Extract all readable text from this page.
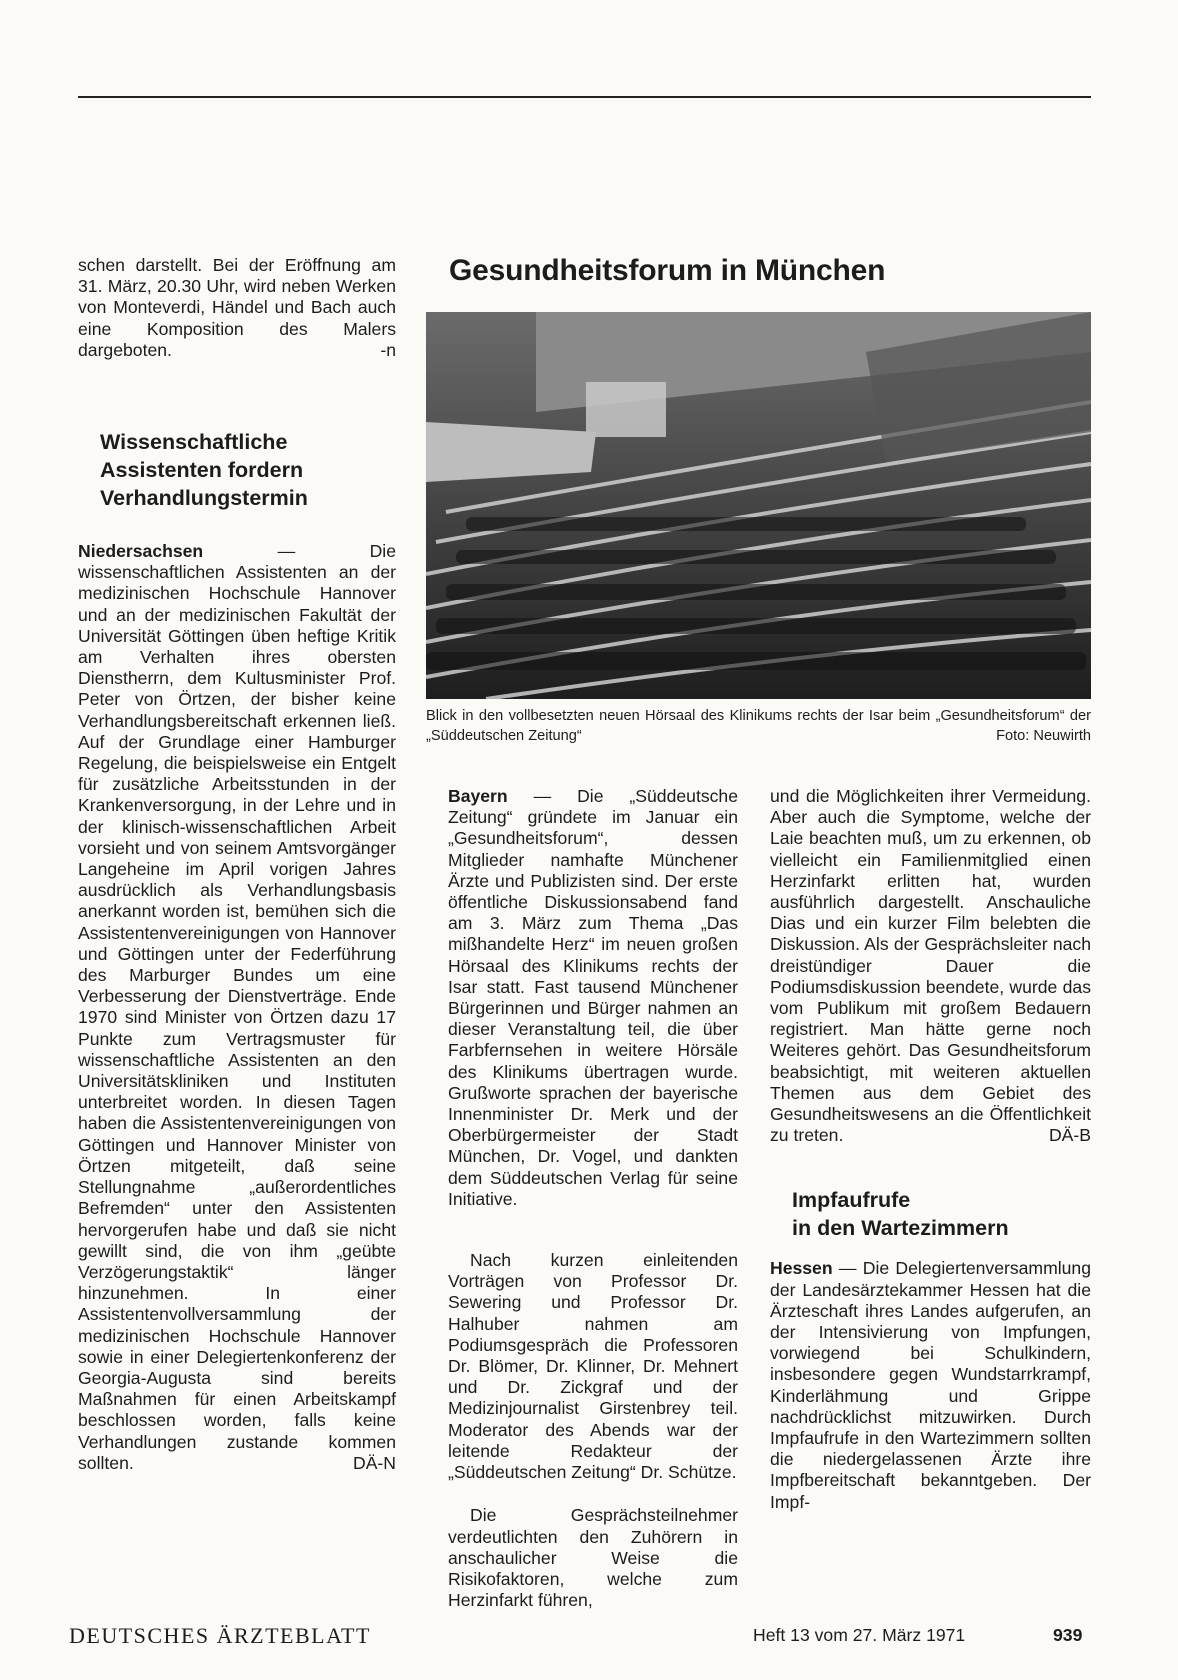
schen darstellt. Bei der Eröffnung am 31. März, 20.30 Uhr, wird neben Werken von Monteverdi, Händel und Bach auch eine Komposition des Malers dargeboten.	-n

Wissenschaftliche
Assistenten fordern
Verhandlungstermin

Niedersachsen — Die wissenschaftlichen Assistenten an der medizinischen Hochschule Hannover und an der medizinischen Fakultät der Universität Göttingen üben heftige Kritik am Verhalten ihres obersten Dienstherrn, dem Kultusminister Prof. Peter von Örtzen, der bisher keine Verhandlungsbereitschaft erkennen ließ. Auf der Grundlage einer Hamburger Regelung, die beispielsweise ein Entgelt für zusätzliche Arbeitsstunden in der Krankenversorgung, in der Lehre und in der klinisch-wissenschaftlichen Arbeit vorsieht und von seinem Amtsvorgänger Langeheine im April vorigen Jahres ausdrücklich als Verhandlungsbasis anerkannt worden ist, bemühen sich die Assistentenvereinigungen von Hannover und Göttingen unter der Federführung des Marburger Bundes um eine Verbesserung der Dienstverträge. Ende 1970 sind Minister von Örtzen dazu 17 Punkte zum Vertragsmuster für wissenschaftliche Assistenten an den Universitätskliniken und Instituten unterbreitet worden. In diesen Tagen haben die Assistentenvereinigungen von Göttingen und Hannover Minister von Örtzen mitgeteilt, daß seine Stellungnahme „außerordentliches Befremden“ unter den Assistenten hervorgerufen habe und daß sie nicht gewillt sind, die von ihm „geübte Verzögerungstaktik“ länger hinzunehmen. In einer Assistentenvollversammlung der medizinischen Hochschule Hannover sowie in einer Delegiertenkonferenz der Georgia-Augusta sind bereits Maßnahmen für einen Arbeitskampf beschlossen worden, falls keine Verhandlungen zustande kommen sollten.	DÄ-N

Gesundheitsforum in München
Blick in den vollbesetzten neuen Hörsaal des Klinikums rechts der Isar beim „Gesundheitsforum“ der „Süddeutschen Zeitung“	Foto: Neuwirth

Bayern — Die „Süddeutsche Zeitung“ gründete im Januar ein „Gesundheitsforum“, dessen Mitglieder namhafte Münchener Ärzte und Publizisten sind. Der erste öffentliche Diskussionsabend fand am 3. März zum Thema „Das mißhandelte Herz“ im neuen großen Hörsaal des Klinikums rechts der Isar statt. Fast tausend Münchener Bürgerinnen und Bürger nahmen an dieser Veranstaltung teil, die über Farbfernsehen in weitere Hörsäle des Klinikums übertragen wurde. Grußworte sprachen der bayerische Innenminister Dr. Merk und der Oberbürgermeister der Stadt München, Dr. Vogel, und dankten dem Süddeutschen Verlag für seine Initiative.

Nach kurzen einleitenden Vorträgen von Professor Dr. Sewering und Professor Dr. Halhuber nahmen am Podiumsgespräch die Professoren Dr. Blömer, Dr. Klinner, Dr. Mehnert und Dr. Zickgraf und der Medizinjournalist Girstenbrey teil. Moderator des Abends war der leitende Redakteur der „Süddeutschen Zeitung“ Dr. Schütze.

Die Gesprächsteilnehmer verdeutlichten den Zuhörern in anschaulicher Weise die Risikofaktoren, welche zum Herzinfarkt führen,

und die Möglichkeiten ihrer Vermeidung. Aber auch die Symptome, welche der Laie beachten muß, um zu erkennen, ob vielleicht ein Familienmitglied einen Herzinfarkt erlitten hat, wurden ausführlich dargestellt. Anschauliche Dias und ein kurzer Film belebten die Diskussion. Als der Gesprächsleiter nach dreistündiger Dauer die Podiumsdiskussion beendete, wurde das vom Publikum mit großem Bedauern registriert. Man hätte gerne noch Weiteres gehört. Das Gesundheitsforum beabsichtigt, mit weiteren aktuellen Themen aus dem Gebiet des Gesundheitswesens an die Öffentlichkeit zu treten.	DÄ-B

Impfaufrufe
in den Wartezimmern

Hessen — Die Delegiertenversammlung der Landesärztekammer Hessen hat die Ärzteschaft ihres Landes aufgerufen, an der Intensivierung von Impfungen, vorwiegend bei Schulkindern, insbesondere gegen Wundstarrkrampf, Kinderlähmung und Grippe nachdrücklichst mitzuwirken. Durch Impfaufrufe in den Wartezimmern sollten die niedergelassenen Ärzte ihre Impfbereitschaft bekanntgeben. Der Impf-

DEUTSCHES ÄRZTEBLATT	Heft 13 vom 27. März 1971	939
